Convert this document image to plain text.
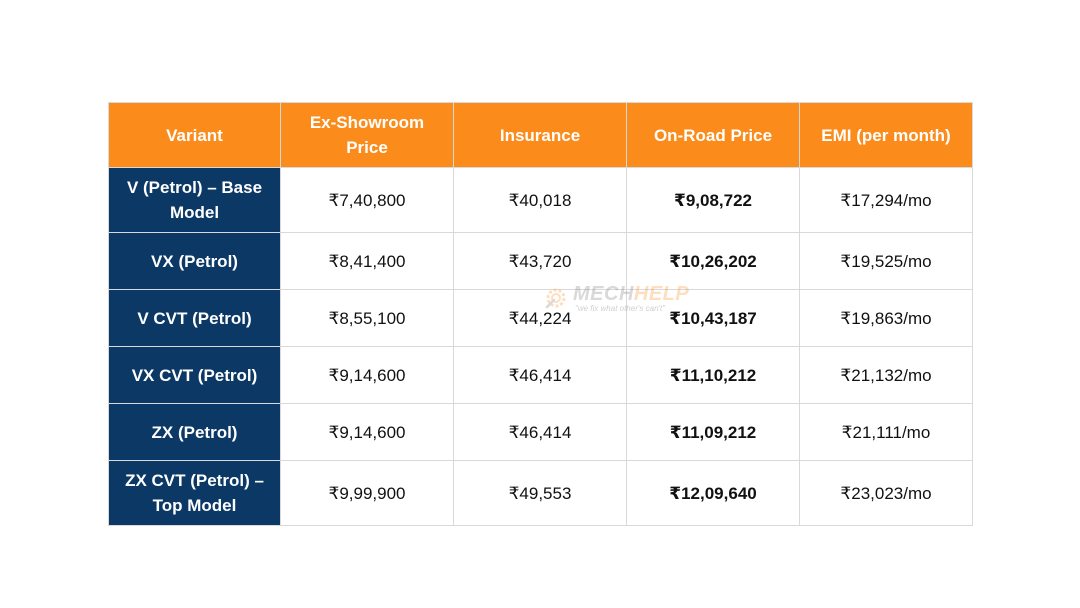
Variant	Ex-Showroom Price	Insurance	On-Road Price	EMI (per month)
V (Petrol) – Base Model	₹7,40,800	₹40,018	₹9,08,722	₹17,294/mo
VX (Petrol)	₹8,41,400	₹43,720	₹10,26,202	₹19,525/mo
V CVT (Petrol)	₹8,55,100	₹44,224	₹10,43,187	₹19,863/mo
VX CVT (Petrol)	₹9,14,600	₹46,414	₹11,10,212	₹21,132/mo
ZX (Petrol)	₹9,14,600	₹46,414	₹11,09,212	₹21,111/mo
ZX CVT (Petrol) – Top Model	₹9,99,900	₹49,553	₹12,09,640	₹23,023/mo
MECHHELP
"we fix what other's can't"
